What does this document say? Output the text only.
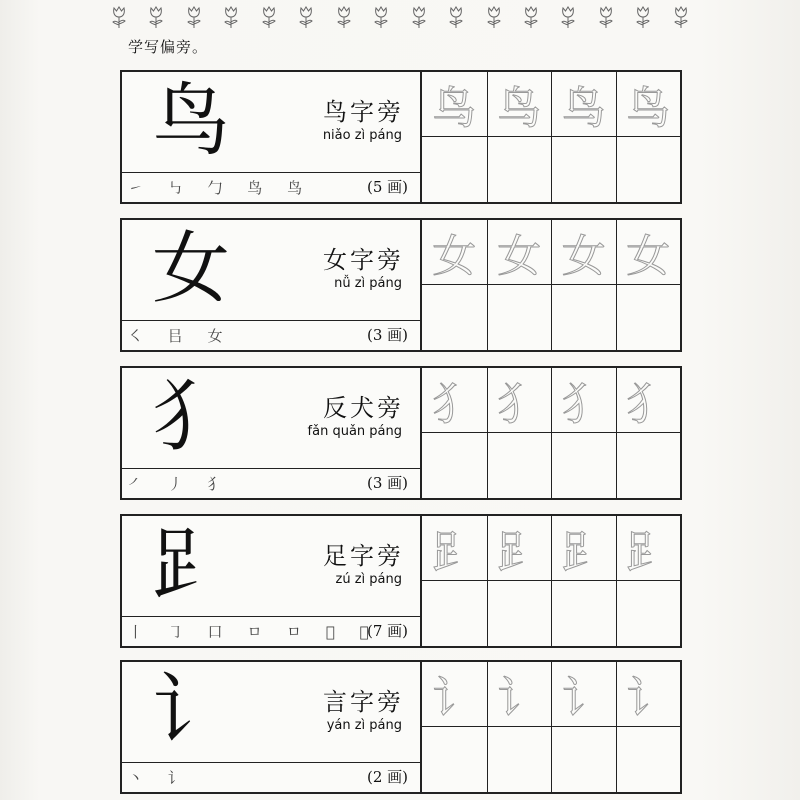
学写偏旁。
鸟	鸟字旁
niǎo zì páng
㇀ ㇉ 勹 鸟 鸟	(5 画)
鸟 鸟 鸟 鸟
女	女字旁
nǚ zì páng
㇛ 㠯 女	(3 画)
女 女 女 女
犭	反犬旁
fǎn quǎn páng
㇒ 丿 犭	(3 画)
犭 犭 犭 犭
𧾷	足字旁
zú zì páng
丨 ㇆ 口 ㅁ ㅁ 𠯁 𧾷
(7 画)
𧾷 𧾷 𧾷 𧾷
讠	言字旁
yán zì páng
丶 讠	(2 画)
讠 讠 讠 讠
